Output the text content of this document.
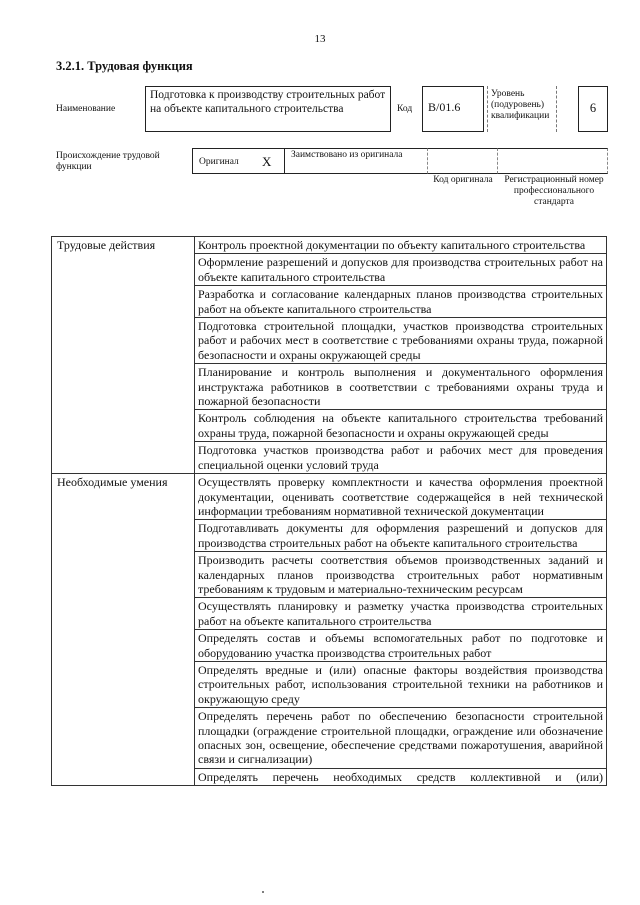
13
3.2.1. Трудовая функция
Наименование
Подготовка к производству строительных работ на объекте капитального строительства	Код	В/01.6
Уровень (подуровень) квалификации
6
Происхождение трудовой функции	Оригинал X Заимствовано из оригинала
Код оригинала	Регистрационный номер профессионального стандарта
Трудовые действия	Контроль проектной документации по объекту капитального строительства
	Оформление разрешений и допусков для производства строительных работ на объекте капитального строительства
	Разработка и согласование календарных планов производства строительных работ на объекте капитального строительства
	Подготовка строительной площадки, участков производства строительных работ и рабочих мест в соответствие с требованиями охраны труда, пожарной безопасности и охраны окружающей среды
	Планирование и контроль выполнения и документального оформления инструктажа работников в соответствии с требованиями охраны труда и пожарной безопасности
	Контроль соблюдения на объекте капитального строительства требований охраны труда, пожарной безопасности и охраны окружающей среды
	Подготовка участков производства работ и рабочих мест для проведения специальной оценки условий труда
Необходимые умения	Осуществлять проверку комплектности и качества оформления проектной документации, оценивать соответствие содержащейся в ней технической информации требованиям нормативной технической документации
	Подготавливать документы для оформления разрешений и допусков для производства строительных работ на объекте капитального строительства
	Производить расчеты соответствия объемов производственных заданий и календарных планов производства строительных работ нормативным требованиям к трудовым и материально-техническим ресурсам
	Осуществлять планировку и разметку участка производства строительных работ на объекте капитального строительства
	Определять состав и объемы вспомогательных работ по подготовке и оборудованию участка производства строительных работ
	Определять вредные и (или) опасные факторы воздействия производства строительных работ, использования строительной техники на работников и окружающую среду
	Определять перечень работ по обеспечению безопасности строительной площадки (ограждение строительной площадки, ограждение или обозначение опасных зон, освещение, обеспечение средствами пожаротушения, аварийной связи и сигнализации)
	Определять перечень необходимых средств коллективной и (или)
